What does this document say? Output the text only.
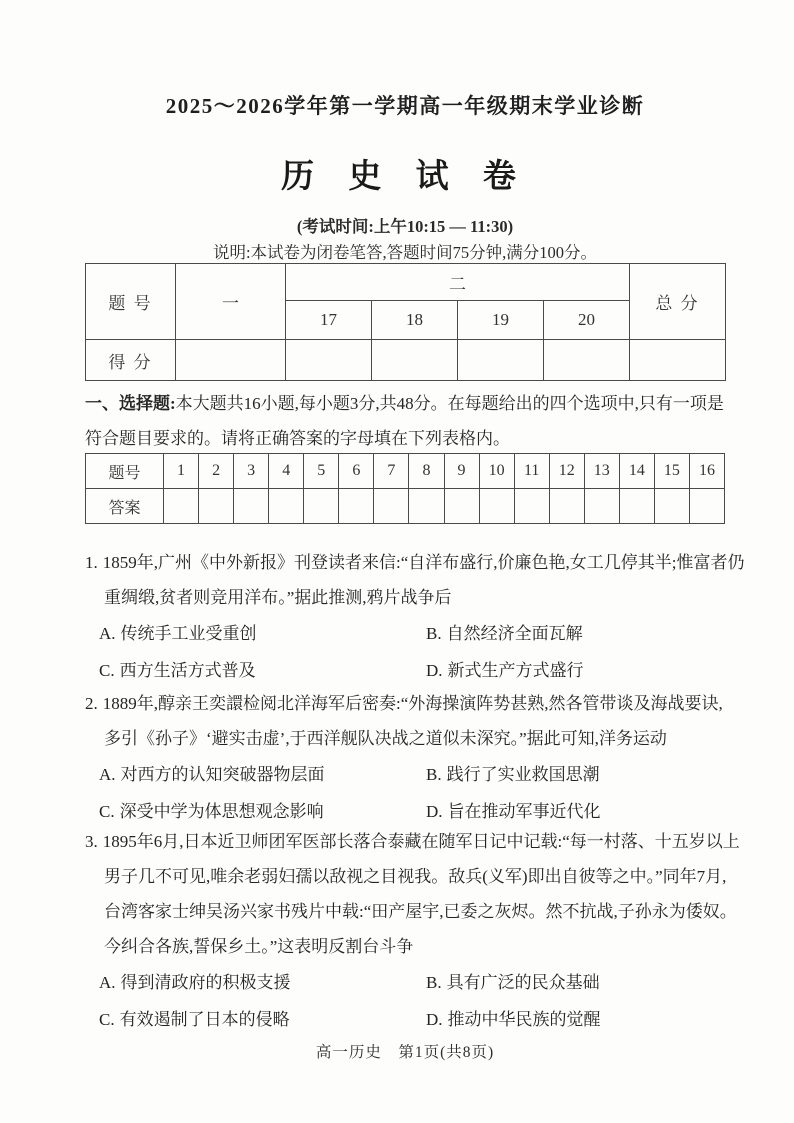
2025～2026学年第一学期高一年级期末学业诊断
历 史 试 卷
(考试时间:上午10:15 — 11:30)
说明:本试卷为闭卷笔答,答题时间75分钟,满分100分。
题 号	一	二				总 分
		17	18	19	20	
得 分						
一、选择题:本大题共16小题,每小题3分,共48分。在每题给出的四个选项中,只有一项是
符合题目要求的。请将正确答案的字母填在下列表格内。
题号	1	2	3	4	5	6	7	8	9	10	11	12	13	14	15	16
答案																
1. 1859年,广州《中外新报》刊登读者来信:“自洋布盛行,价廉色艳,女工几停其半;惟富者仍
重绸缎,贫者则竞用洋布。”据此推测,鸦片战争后
A. 传统手工业受重创	B. 自然经济全面瓦解
C. 西方生活方式普及	D. 新式生产方式盛行
2. 1889年,醇亲王奕譞检阅北洋海军后密奏:“外海操演阵势甚熟,然各管带谈及海战要诀,
多引《孙子》‘避实击虚’,于西洋舰队决战之道似未深究。”据此可知,洋务运动
A. 对西方的认知突破器物层面	B. 践行了实业救国思潮
C. 深受中学为体思想观念影响	D. 旨在推动军事近代化
3. 1895年6月,日本近卫师团军医部长落合泰藏在随军日记中记载:“每一村落、十五岁以上
男子几不可见,唯余老弱妇孺以敌视之目视我。敌兵(义军)即出自彼等之中。”同年7月,
台湾客家士绅吴汤兴家书残片中载:“田产屋宇,已委之灰烬。然不抗战,子孙永为倭奴。
今纠合各族,誓保乡土。”这表明反割台斗争
A. 得到清政府的积极支援	B. 具有广泛的民众基础
C. 有效遏制了日本的侵略	D. 推动中华民族的觉醒
高一历史　第1页(共8页)
